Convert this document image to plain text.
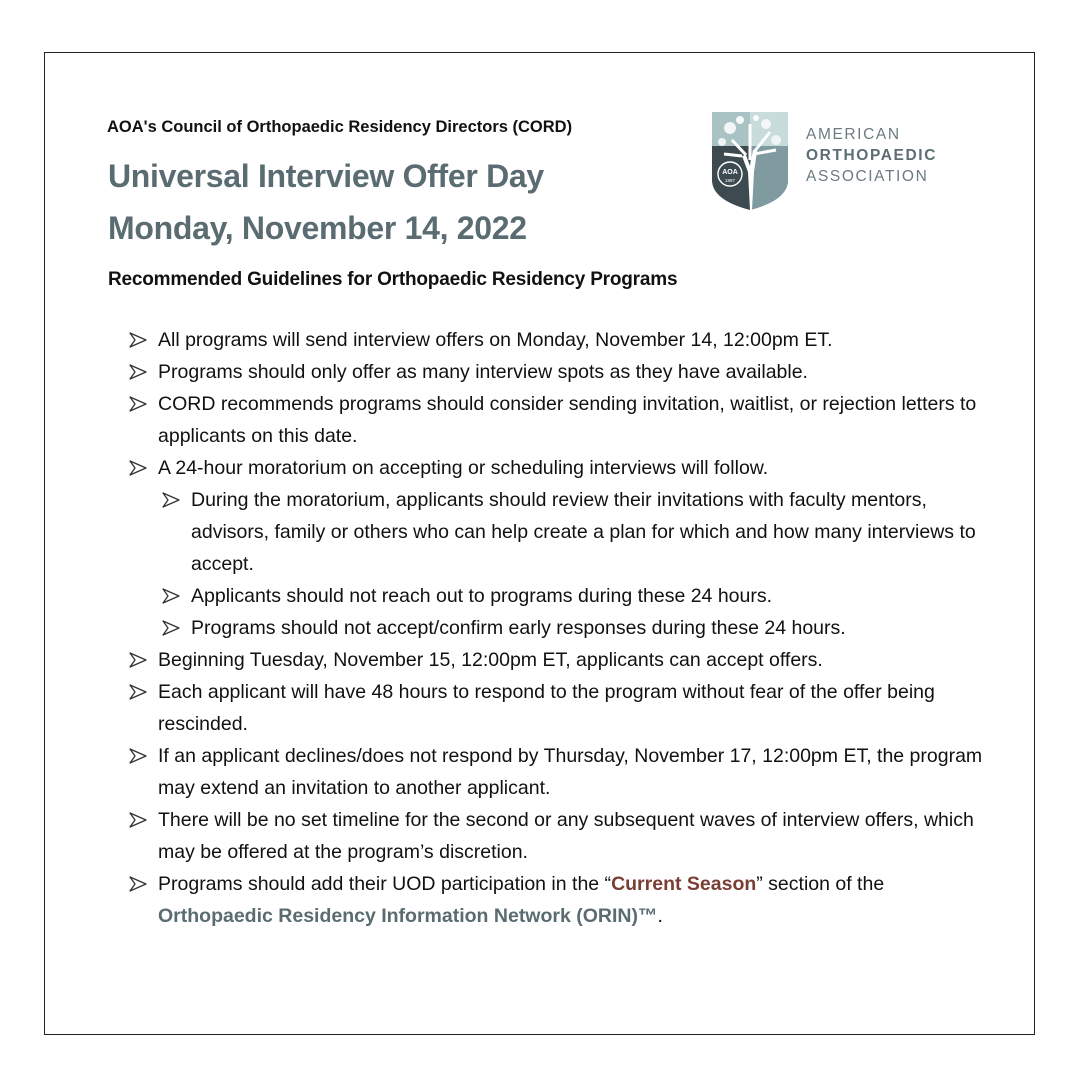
AOA's Council of Orthopaedic Residency Directors (CORD)
Universal Interview Offer Day
Monday, November 14, 2022
Recommended Guidelines for Orthopaedic Residency Programs
AOA
1887
AMERICAN
ORTHOPAEDIC
ASSOCIATION
All programs will send interview offers on Monday, November 14, 12:00pm ET.
Programs should only offer as many interview spots as they have available.
CORD recommends programs should consider sending invitation, waitlist, or rejection letters to applicants on this date.
A 24-hour moratorium on accepting or scheduling interviews will follow.
During the moratorium, applicants should review their invitations with faculty mentors, advisors, family or others who can help create a plan for which and how many interviews to accept.
Applicants should not reach out to programs during these 24 hours.
Programs should not accept/confirm early responses during these 24 hours.
Beginning Tuesday, November 15, 12:00pm ET, applicants can accept offers.
Each applicant will have 48 hours to respond to the program without fear of the offer being rescinded.
If an applicant declines/does not respond by Thursday, November 17, 12:00pm ET, the program may extend an invitation to another applicant.
There will be no set timeline for the second or any subsequent waves of interview offers, which may be offered at the program’s discretion.
Programs should add their UOD participation in the “Current Season” section of the
Orthopaedic Residency Information Network (ORIN)™.
